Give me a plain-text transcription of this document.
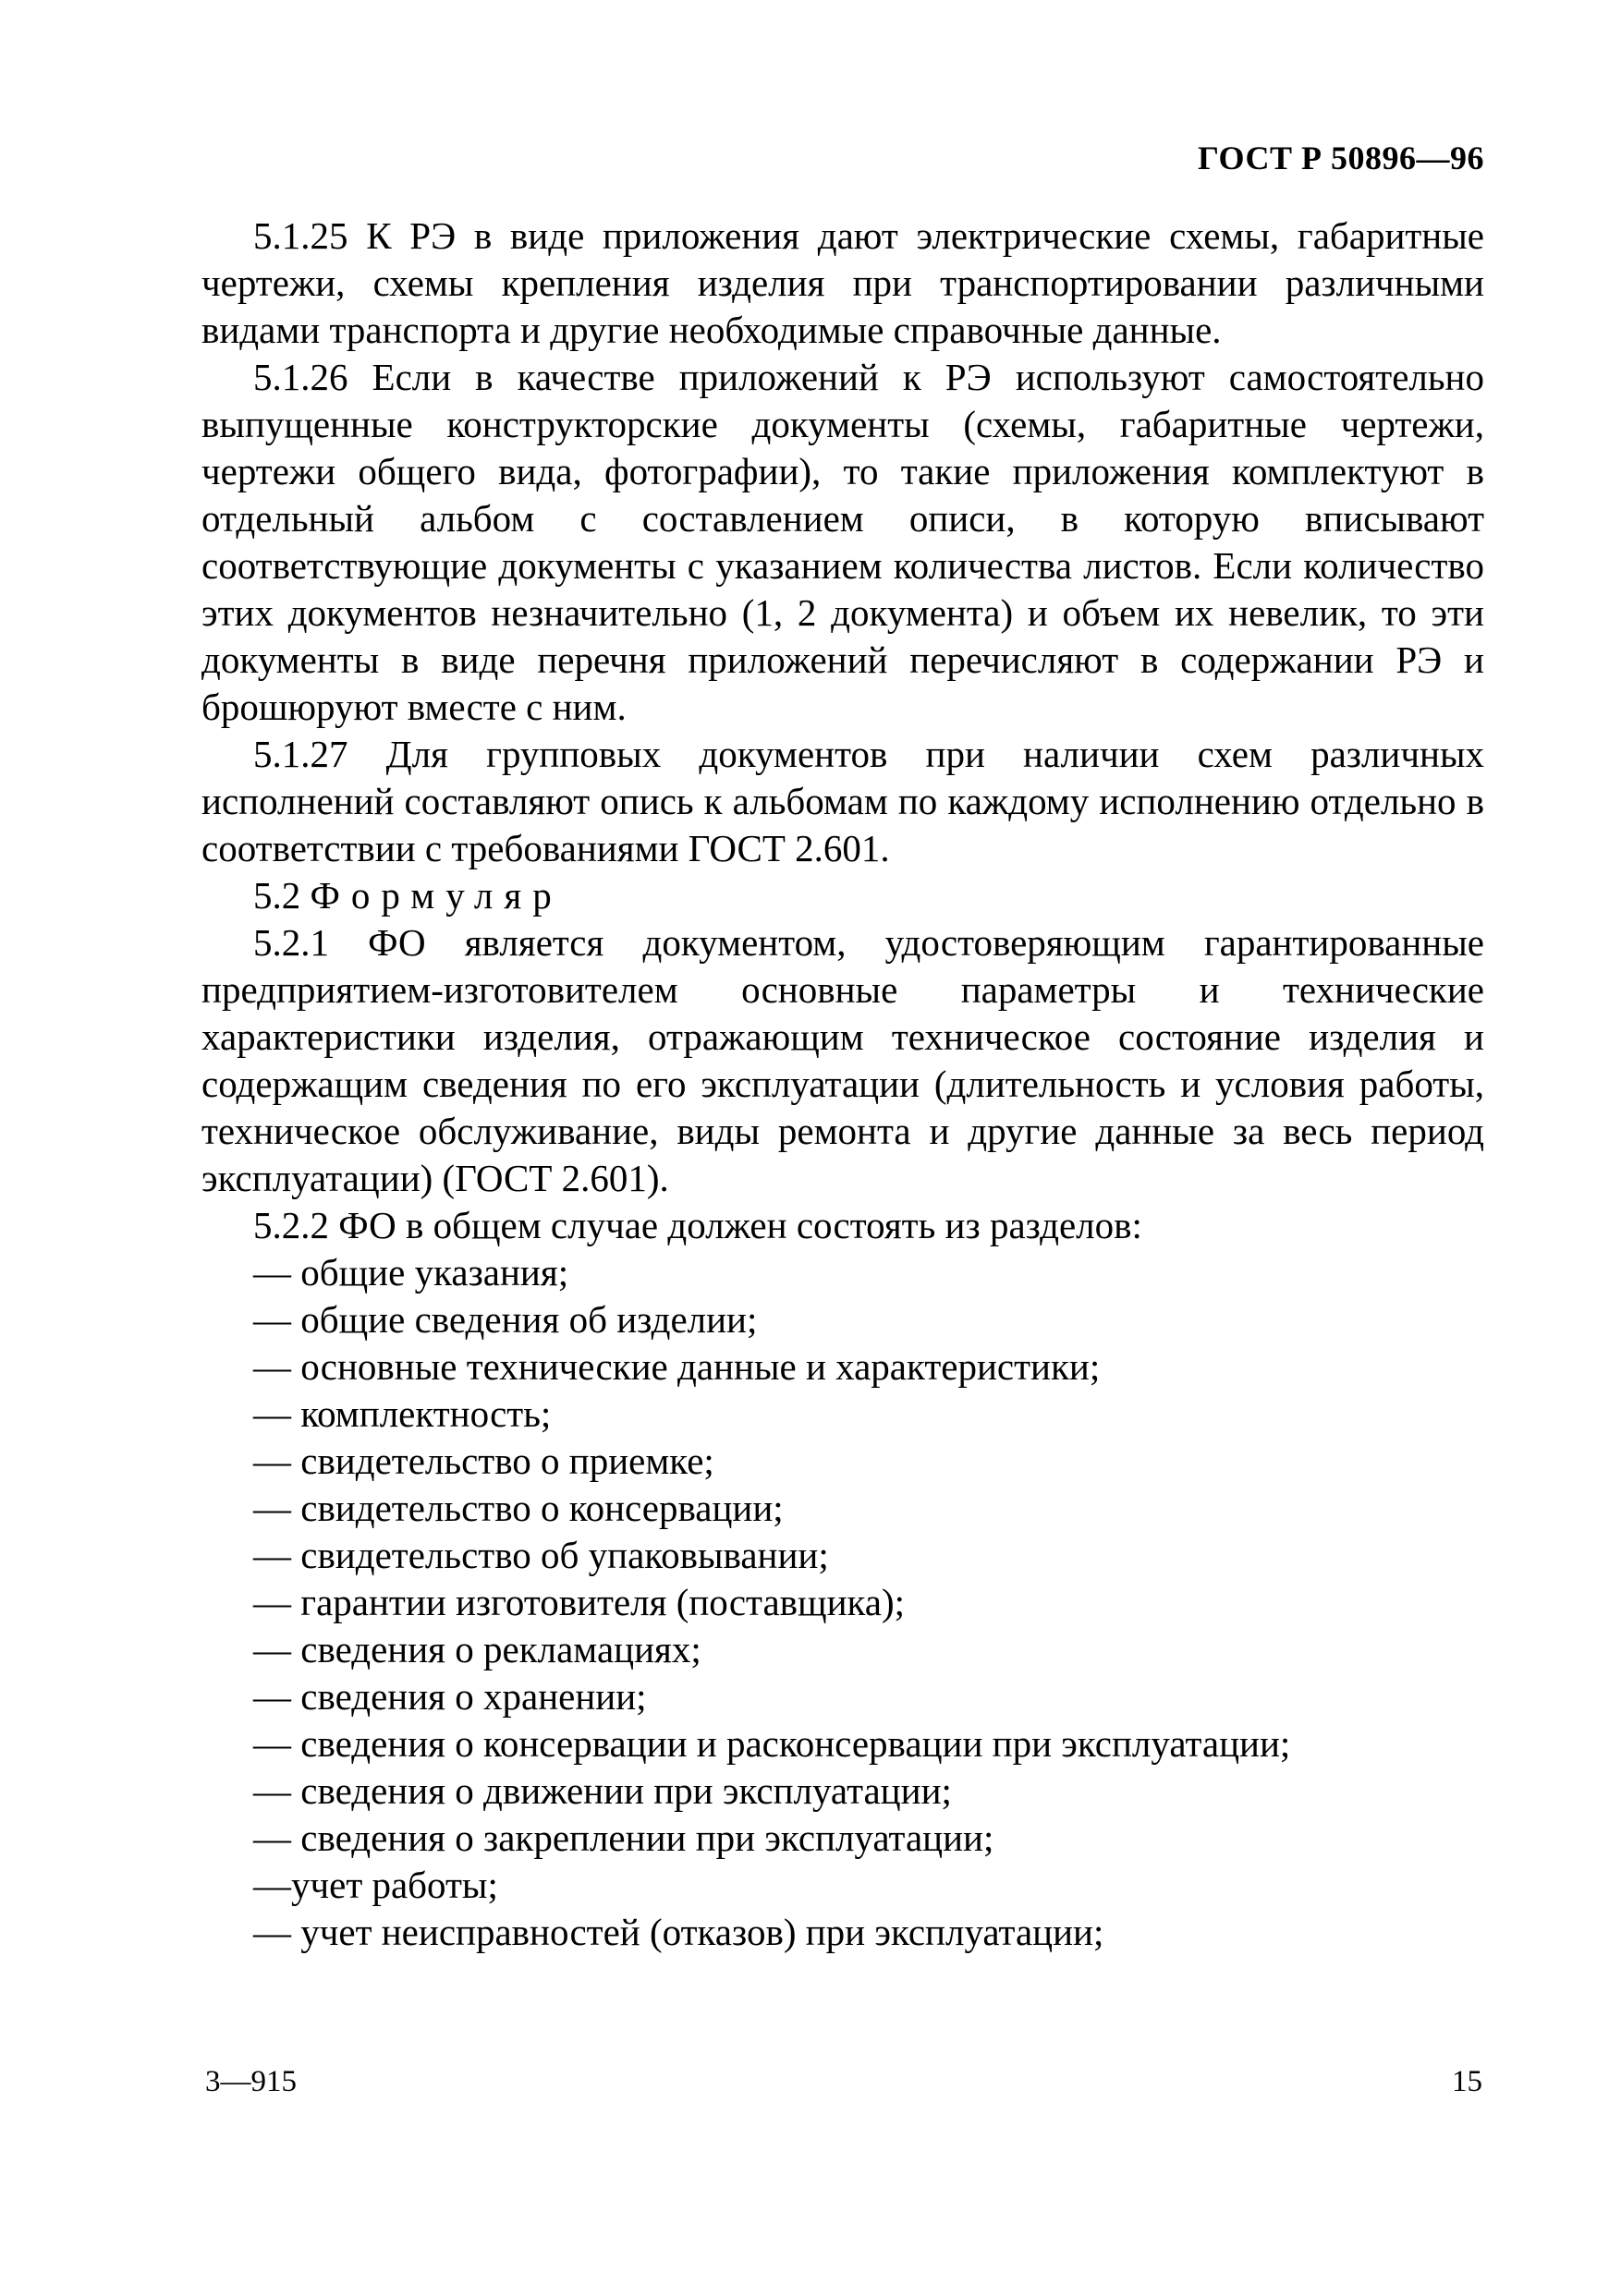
ГОСТ Р 50896—96

5.1.25 К РЭ в виде приложения дают электрические схемы, габаритные чертежи, схемы крепления изделия при транспортировании различными видами транспорта и другие необходимые справочные данные.

5.1.26 Если в качестве приложений к РЭ используют самостоятельно выпущенные конструкторские документы (схемы, габаритные чертежи, чертежи общего вида, фотографии), то такие приложения комплектуют в отдельный альбом с составлением описи, в которую вписывают соответствующие документы с указанием количества листов. Если количество этих документов незначительно (1, 2 документа) и объем их невелик, то эти документы в виде перечня приложений перечисляют в содержании РЭ и брошюруют вместе с ним.

5.1.27 Для групповых документов при наличии схем различных исполнений составляют опись к альбомам по каждому исполнению отдельно в соответствии с требованиями ГОСТ 2.601.

5.2 Формуляр

5.2.1 ФО является документом, удостоверяющим гарантированные предприятием-изготовителем основные параметры и технические характеристики изделия, отражающим техническое состояние изделия и содержащим сведения по его эксплуатации (длительность и условия работы, техническое обслуживание, виды ремонта и другие данные за весь период эксплуатации) (ГОСТ 2.601).

5.2.2 ФО в общем случае должен состоять из разделов:

— общие указания;

— общие сведения об изделии;

— основные технические данные и характеристики;

— комплектность;

— свидетельство о приемке;

— свидетельство о консервации;

— свидетельство об упаковывании;

— гарантии изготовителя (поставщика);

— сведения о рекламациях;

— сведения о хранении;

— сведения о консервации и расконсервации при эксплуатации;

— сведения о движении при эксплуатации;

— сведения о закреплении при эксплуатации;

—учет работы;

— учет неисправностей (отказов) при эксплуатации;

3—915	15
